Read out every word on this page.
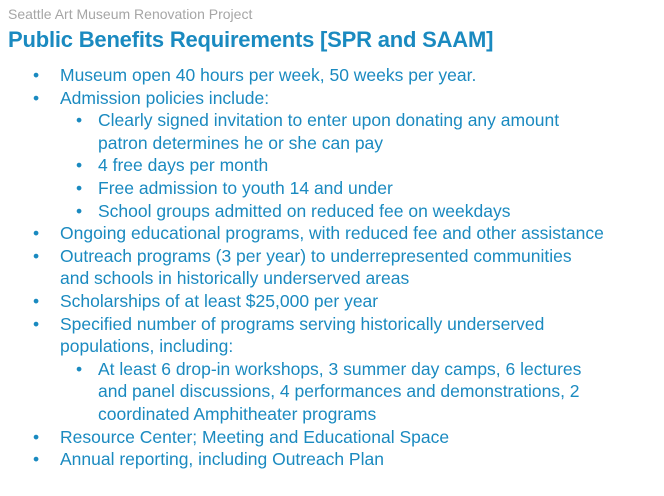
Seattle Art Museum Renovation Project
Public Benefits Requirements [SPR and SAAM]
• Museum open 40 hours per week, 50 weeks per year.
• Admission policies include:
• Clearly signed invitation to enter upon donating any amount
patron determines he or she can pay
• 4 free days per month
• Free admission to youth 14 and under
• School groups admitted on reduced fee on weekdays
• Ongoing educational programs, with reduced fee and other assistance
• Outreach programs (3 per year) to underrepresented communities
and schools in historically underserved areas
• Scholarships of at least $25,000 per year
• Specified number of programs serving historically underserved
populations, including:
• At least 6 drop-in workshops, 3 summer day camps, 6 lectures
and panel discussions, 4 performances and demonstrations, 2
coordinated Amphitheater programs
• Resource Center; Meeting and Educational Space
• Annual reporting, including Outreach Plan
